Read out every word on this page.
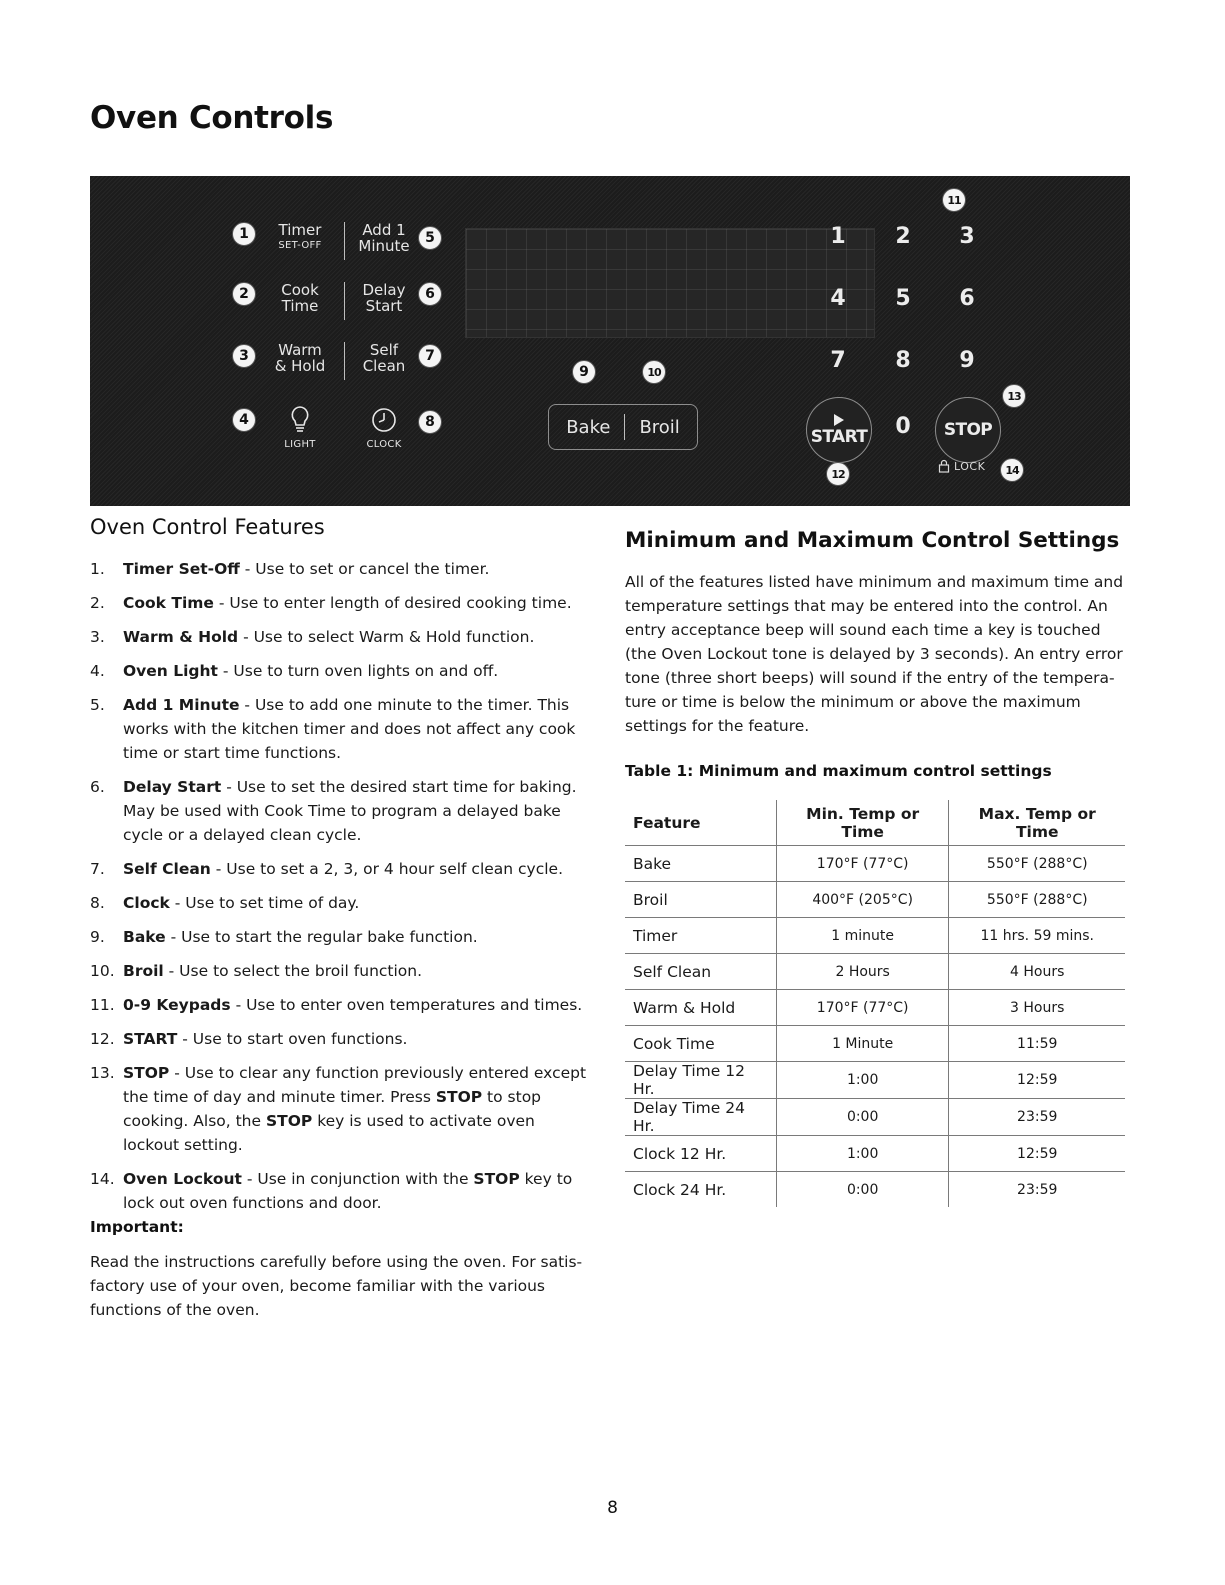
Oven Controls
1	Timer
SET-OFF
Add 1
Minute	5
2	Cook
Time
Delay
Start
6
3	Warm
& Hold
Self
Clean
7
4
LIGHT	CLOCK
8
9	10
Bake Broil
11
1	2	3
4	5	6
7	8	9
0
START
12
STOP
13
LOCK	14
Oven Control Features
1. Timer Set-Off - Use to set or cancel the timer.
2. Cook Time - Use to enter length of desired cooking time.
3. Warm & Hold - Use to select Warm & Hold function.
4. Oven Light - Use to turn oven lights on and off.
5. Add 1 Minute - Use to add one minute to the timer. This works with the kitchen timer and does not affect any cook time or start time functions.
6. Delay Start - Use to set the desired start time for baking. May be used with Cook Time to program a delayed bake cycle or a delayed clean cycle.
7. Self Clean - Use to set a 2, 3, or 4 hour self clean cycle.
8. Clock - Use to set time of day.
9. Bake - Use to start the regular bake function.
10. Broil - Use to select the broil function.
11. 0-9 Keypads - Use to enter oven temperatures and times.
12. START - Use to start oven functions.
13. STOP - Use to clear any function previously entered except the time of day and minute timer. Press STOP to stop cooking. Also, the STOP key is used to activate oven lockout setting.
14. Oven Lockout - Use in conjunction with the STOP key to lock out oven functions and door.

Important:

Read the instructions carefully before using the oven. For satis-factory use of your oven, become familiar with the various functions of the oven.

Minimum and Maximum Control Settings

All of the features listed have minimum and maximum time and temperature settings that may be entered into the control. An entry acceptance beep will sound each time a key is touched (the Oven Lockout tone is delayed by 3 seconds). An entry error tone (three short beeps) will sound if the entry of the tempera-ture or time is below the minimum or above the maximum settings for the feature.

Table 1: Minimum and maximum control settings

Feature	Min. Temp or Time	Max. Temp or Time
Bake	170°F (77°C)	550°F (288°C)
Broil	400°F (205°C)	550°F (288°C)
Timer	1 minute	11 hrs. 59 mins.
Self Clean	2 Hours	4 Hours
Warm & Hold	170°F (77°C)	3 Hours
Cook Time	1 Minute	11:59
Delay Time 12 Hr.	1:00	12:59
Delay Time 24 Hr.	0:00	23:59
Clock 12 Hr.	1:00	12:59
Clock 24 Hr.	0:00	23:59

8
